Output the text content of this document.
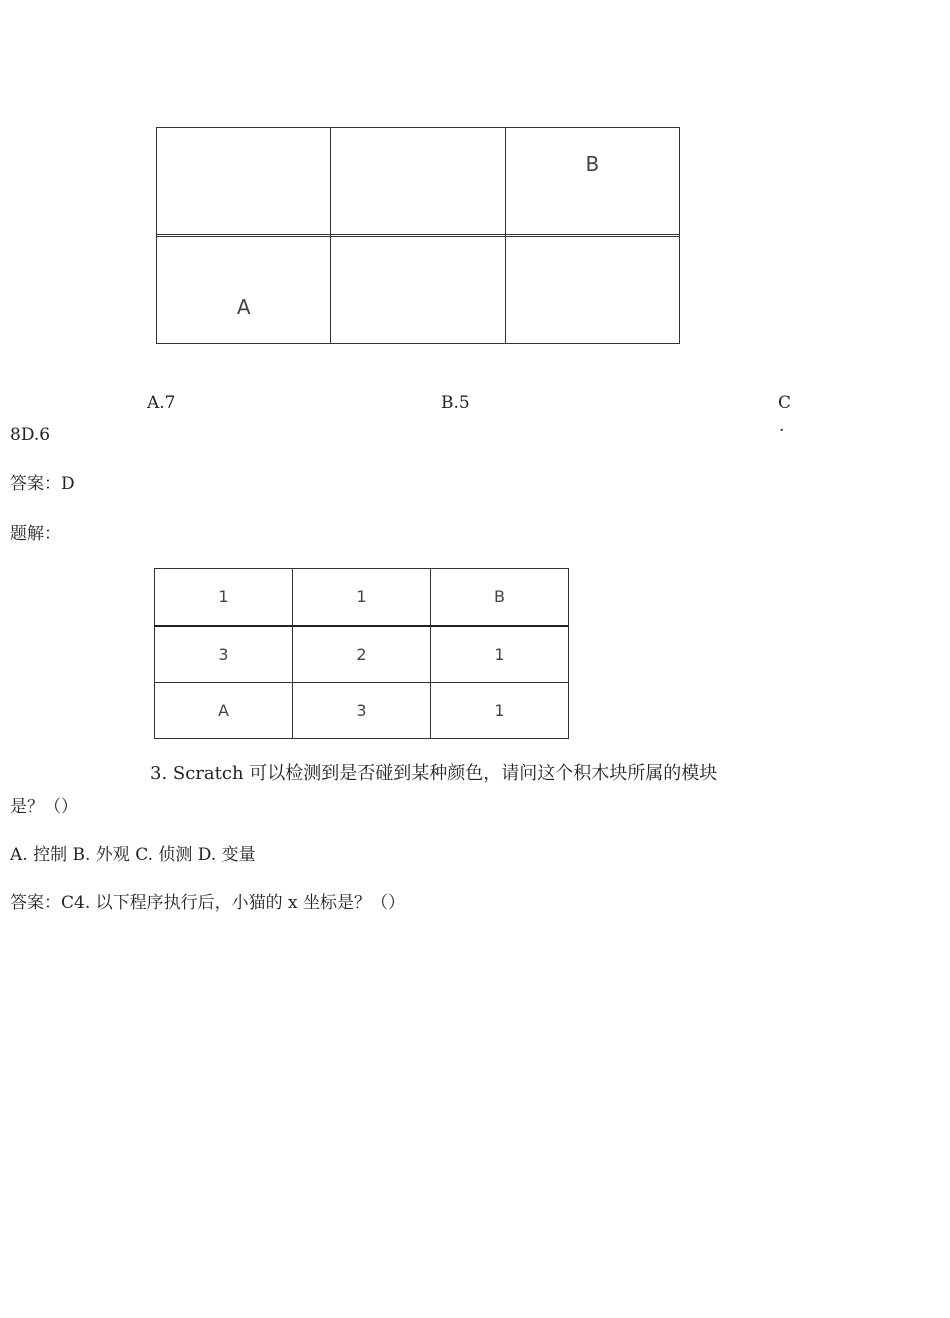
		B

A		
A.7	B.5	C
.
8D.6
答案：D
题解：
1	1	B
3	2	1
A	3	1
3. Scratch 可以检测到是否碰到某种颜色，请问这个积木块所属的模块
是？（）
A. 控制 B. 外观 C. 侦测 D. 变量
答案：C4. 以下程序执行后，小猫的 x 坐标是？（）
